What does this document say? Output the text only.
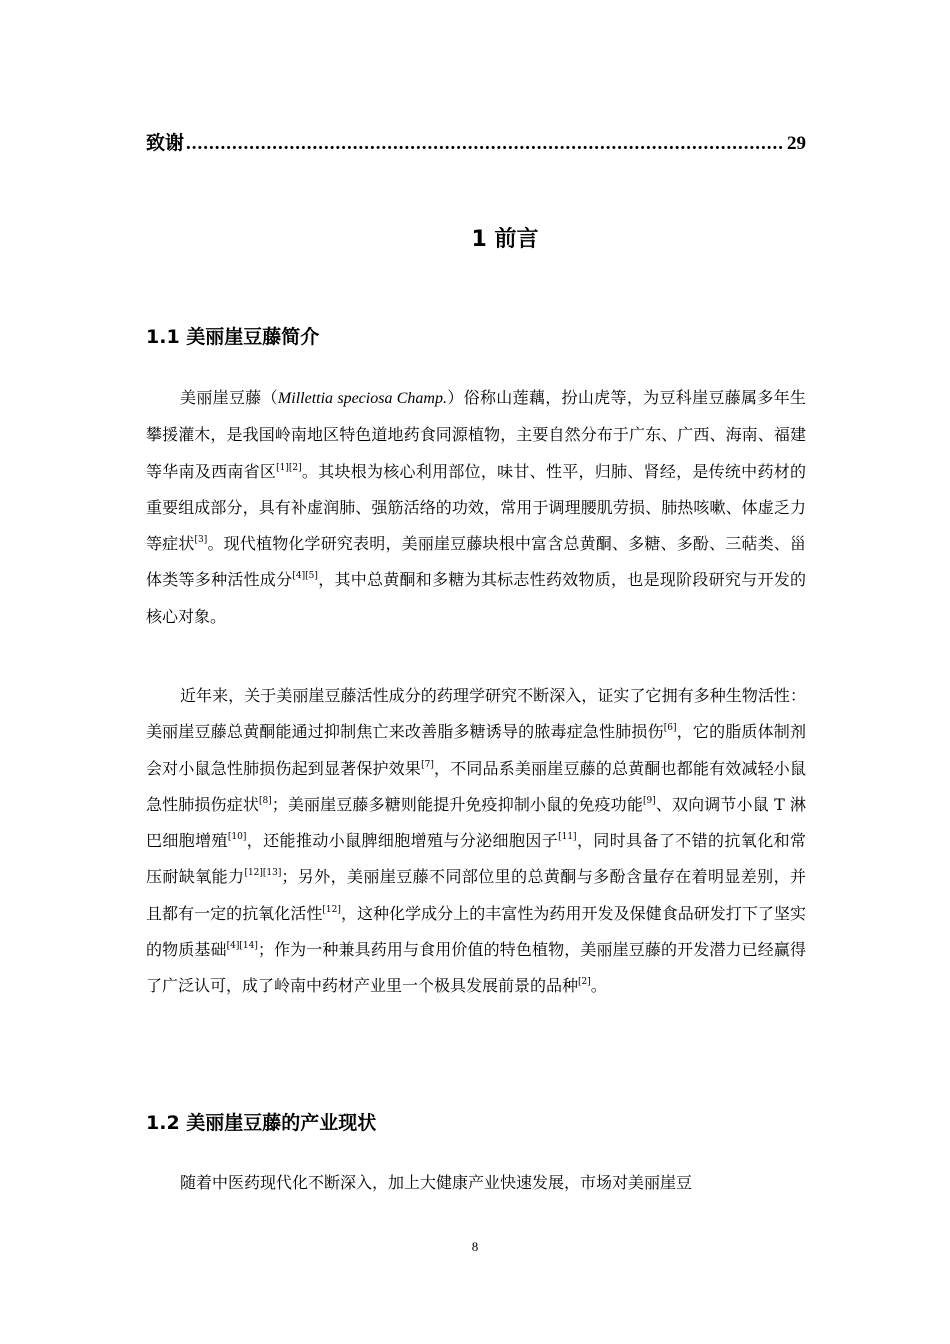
致谢
.....	29
1 前言
1.1 美丽崖豆藤简介

美丽崖豆藤（Millettia speciosa Champ.）俗称山莲藕，扮山虎等，为豆科崖豆藤属多年生攀援灌木，是我国岭南地区特色道地药食同源植物，主要自然分布于广东、广西、海南、福建等华南及西南省区[1][2]。其块根为核心利用部位，味甘、性平，归肺、肾经，是传统中药材的重要组成部分，具有补虚润肺、强筋活络的功效，常用于调理腰肌劳损、肺热咳嗽、体虚乏力等症状[3]。现代植物化学研究表明，美丽崖豆藤块根中富含总黄酮、多糖、多酚、三萜类、甾体类等多种活性成分[4][5]，其中总黄酮和多糖为其标志性药效物质，也是现阶段研究与开发的核心对象。

近年来，关于美丽崖豆藤活性成分的药理学研究不断深入，证实了它拥有多种生物活性：美丽崖豆藤总黄酮能通过抑制焦亡来改善脂多糖诱导的脓毒症急性肺损伤[6]，它的脂质体制剂会对小鼠急性肺损伤起到显著保护效果[7]，不同品系美丽崖豆藤的总黄酮也都能有效减轻小鼠急性肺损伤症状[8]；美丽崖豆藤多糖则能提升免疫抑制小鼠的免疫功能[9]、双向调节小鼠 T 淋巴细胞增殖[10]，还能推动小鼠脾细胞增殖与分泌细胞因子[11]，同时具备了不错的抗氧化和常压耐缺氧能力[12][13]；另外，美丽崖豆藤不同部位里的总黄酮与多酚含量存在着明显差别，并且都有一定的抗氧化活性[12]，这种化学成分上的丰富性为药用开发及保健食品研发打下了坚实的物质基础[4][14]；作为一种兼具药用与食用价值的特色植物，美丽崖豆藤的开发潜力已经赢得了广泛认可，成了岭南中药材产业里一个极具发展前景的品种[2]。

1.2 美丽崖豆藤的产业现状

随着中医药现代化不断深入，加上大健康产业快速发展，市场对美丽崖豆

8
